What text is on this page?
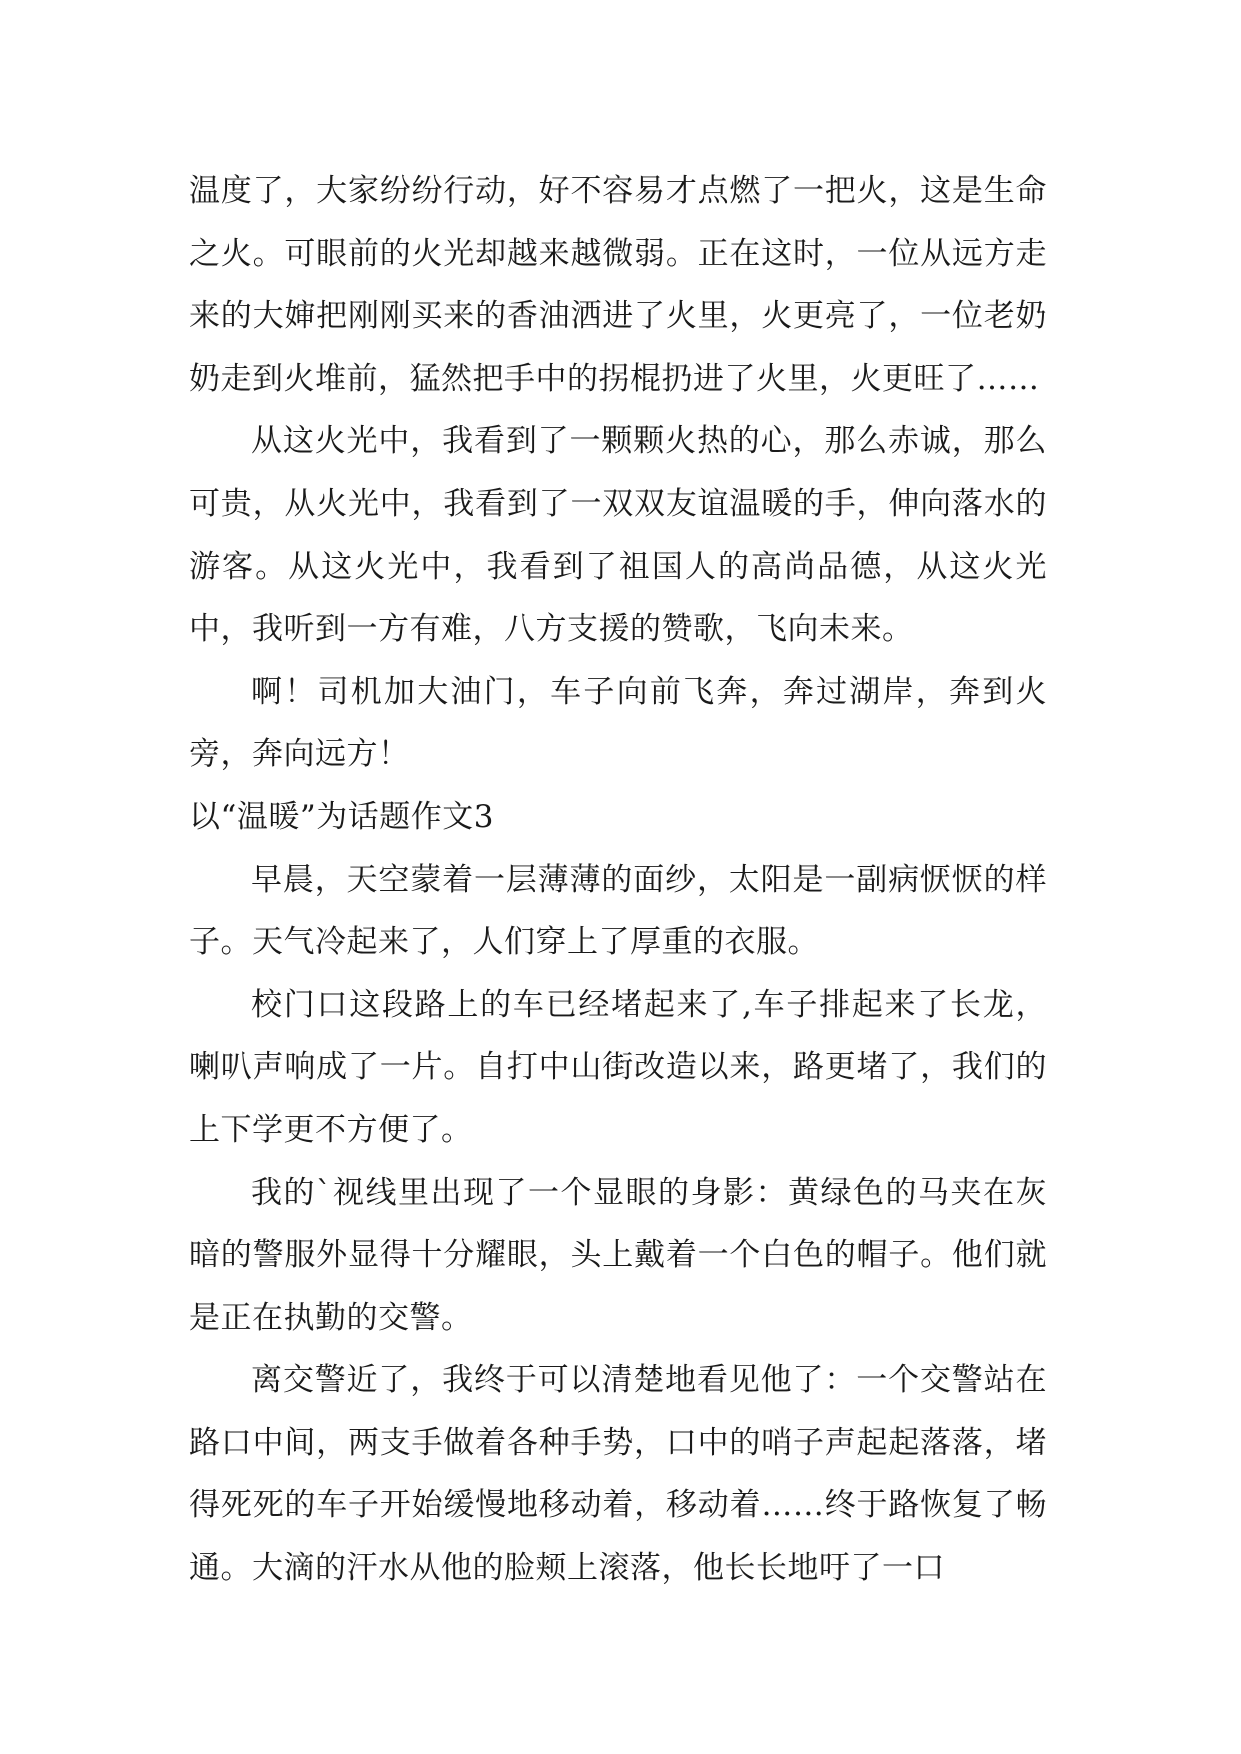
温度了，大家纷纷行动，好不容易才点燃了一把火，这是生命之火。可眼前的火光却越来越微弱。正在这时，一位从远方走来的大婶把刚刚买来的香油洒进了火里，火更亮了，一位老奶奶走到火堆前，猛然把手中的拐棍扔进了火里，火更旺了……

从这火光中，我看到了一颗颗火热的心，那么赤诚，那么可贵，从火光中，我看到了一双双友谊温暖的手，伸向落水的游客。从这火光中，我看到了祖国人的高尚品德，从这火光中，我听到一方有难，八方支援的赞歌，飞向未来。

啊！司机加大油门，车子向前飞奔，奔过湖岸，奔到火旁，奔向远方！

以“温暖”为话题作文3

早晨，天空蒙着一层薄薄的面纱，太阳是一副病恹恹的样子。天气冷起来了，人们穿上了厚重的衣服。

校门口这段路上的车已经堵起来了,车子排起来了长龙，喇叭声响成了一片。自打中山街改造以来，路更堵了，我们的上下学更不方便了。

我的`视线里出现了一个显眼的身影：黄绿色的马夹在灰暗的警服外显得十分耀眼，头上戴着一个白色的帽子。他们就是正在执勤的交警。

离交警近了，我终于可以清楚地看见他了：一个交警站在路口中间，两支手做着各种手势，口中的哨子声起起落落，堵得死死的车子开始缓慢地移动着，移动着……终于路恢复了畅通。大滴的汗水从他的脸颊上滚落，他长长地吁了一口
